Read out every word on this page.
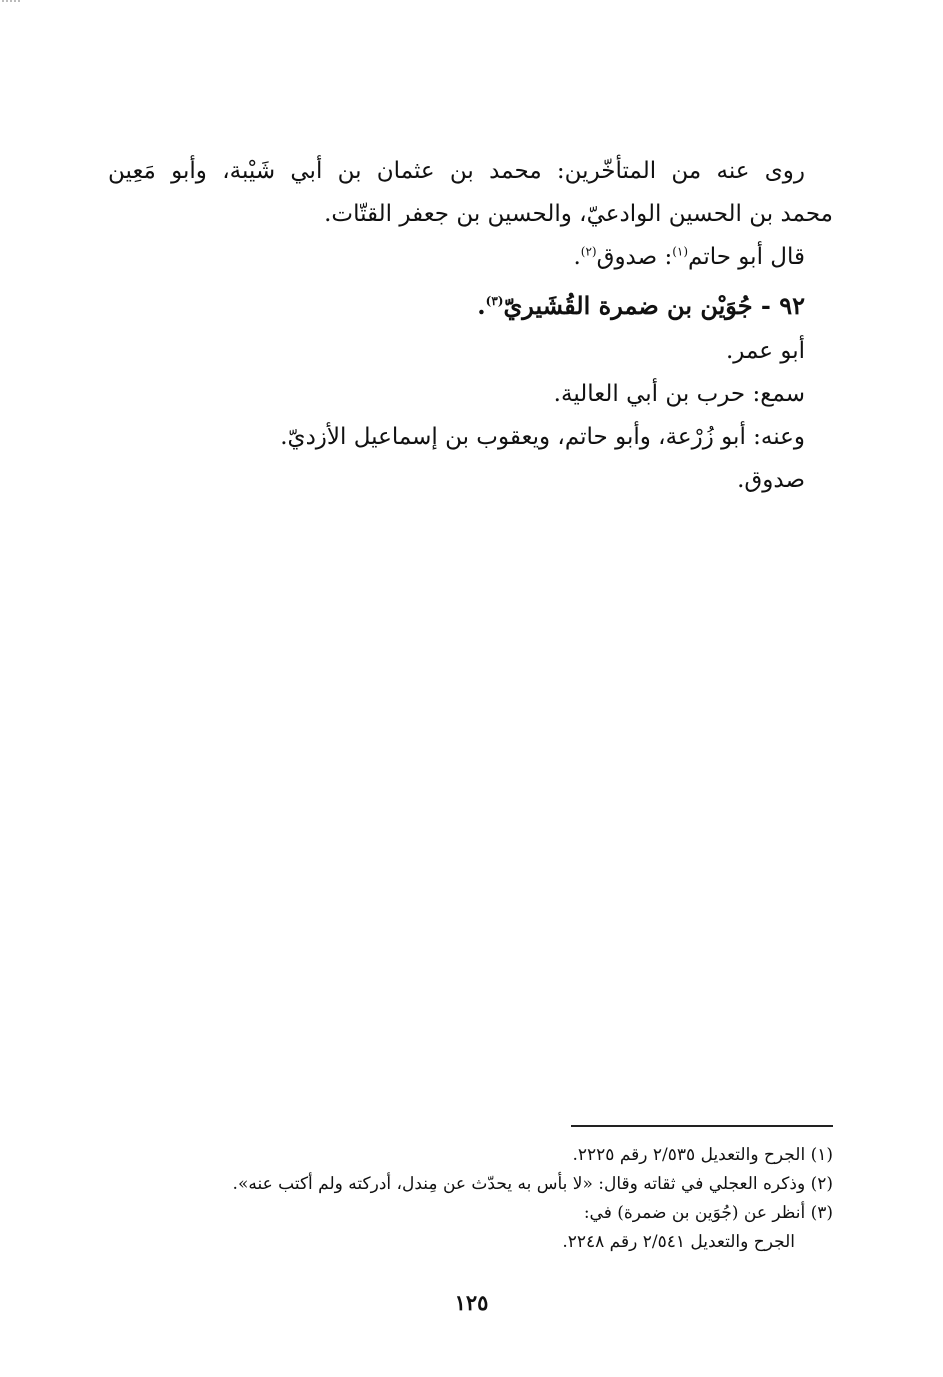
روى عنه من المتأخّرين: محمد بن عثمان بن أبي شَيْبة، وأبو مَعِين
محمد بن الحسين الوادعيّ، والحسين بن جعفر القتّات.
قال أبو حاتم$^{(١)}$: صدوق$^{(٢)}$.
٩٢ - جُوَيْن بن ضمرة القُشَيريّ$^{(٣)}$.
أبو عمر.
سمع: حرب بن أبي العالية.
وعنه: أبو زُرْعة، وأبو حاتم، ويعقوب بن إسماعيل الأزديّ.
صدوق.
(١) الجرح والتعديل ٢/٥٣٥ رقم ٢٢٢٥.
(٢) وذكره العجلي في ثقاته وقال: «لا بأس به يحدّث عن مِندل، أدركته ولم أكتب عنه».
(٣) أنظر عن (جُوَين بن ضمرة) في:
الجرح والتعديل ٢/٥٤١ رقم ٢٢٤٨.
١٢٥
